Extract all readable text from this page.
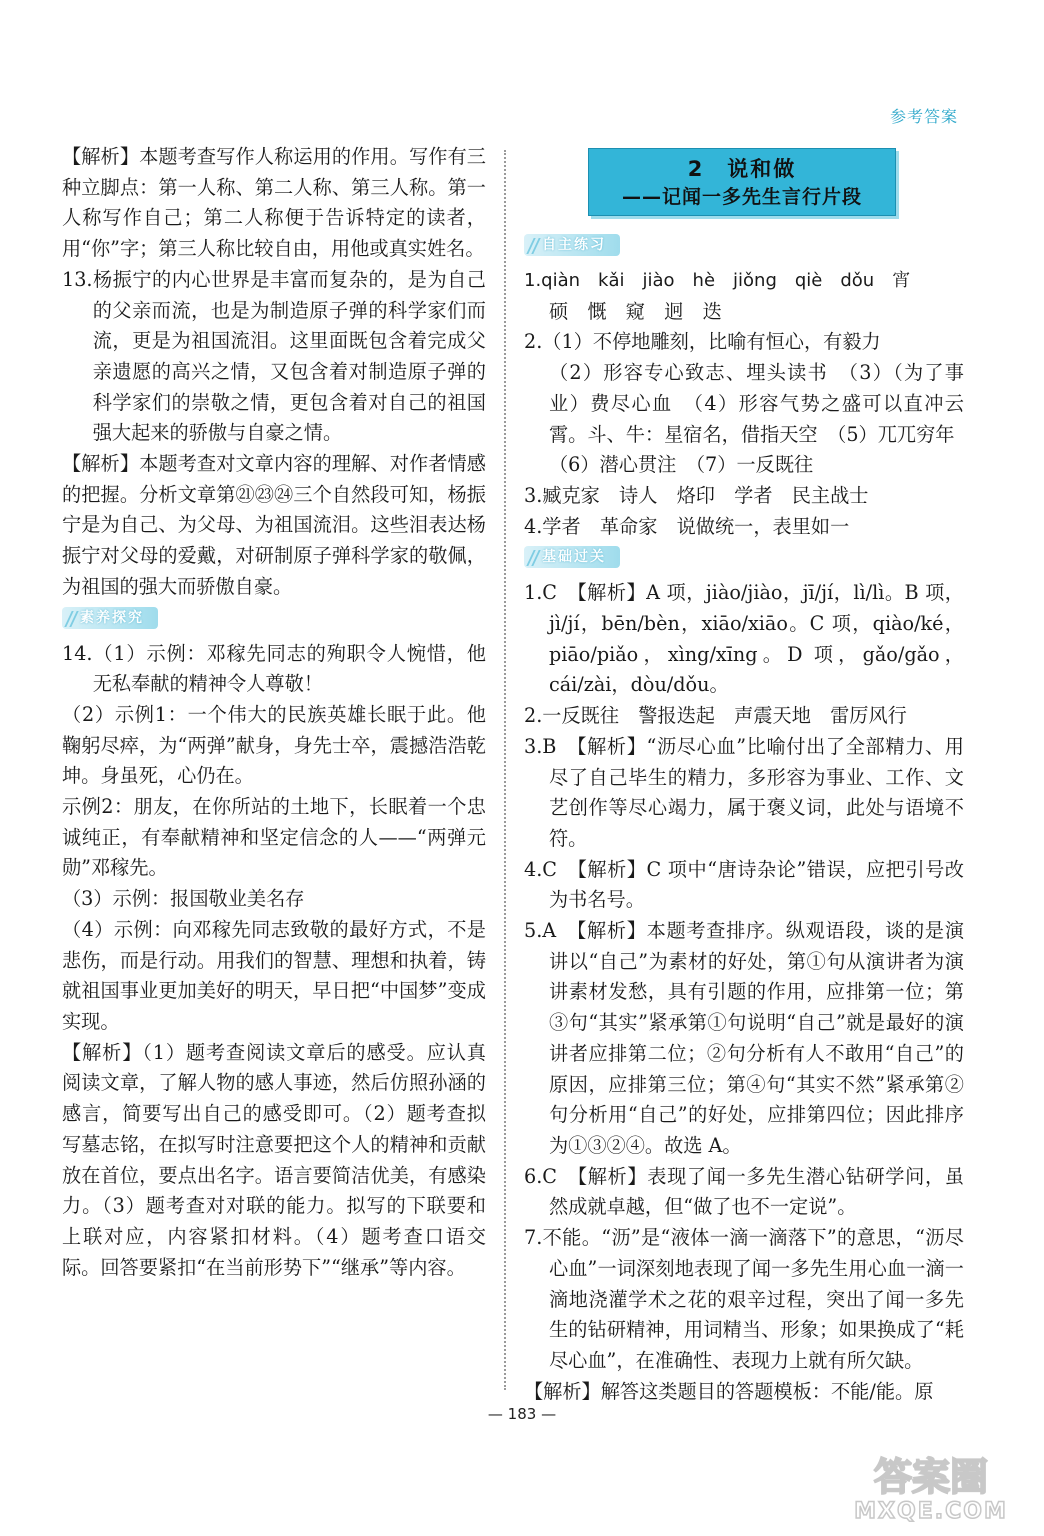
参考答案

【解析】本题考查写作人称运用的作用。写作有三种立脚点：第一人称、第二人称、第三人称。第一人称写作自己；第二人称便于告诉特定的读者，用“你”字；第三人称比较自由，用他或真实姓名。

13.杨振宁的内心世界是丰富而复杂的，是为自己的父亲而流，也是为制造原子弹的科学家们而流，更是为祖国流泪。这里面既包含着完成父亲遗愿的高兴之情，又包含着对制造原子弹的科学家们的崇敬之情，更包含着对自己的祖国强大起来的骄傲与自豪之情。

【解析】本题考查对文章内容的理解、对作者情感的把握。分析文章第㉑㉓㉔三个自然段可知，杨振宁是为自己、为父母、为祖国流泪。这些泪表达杨振宁对父母的爱戴，对研制原子弹科学家的敬佩，为祖国的强大而骄傲自豪。

素养探究

14.（1）示例：邓稼先同志的殉职令人惋惜，他无私奉献的精神令人尊敬！

（2）示例1：一个伟大的民族英雄长眠于此。他鞠躬尽瘁，为“两弹”献身，身先士卒，震撼浩浩乾坤。身虽死，心仍在。

示例2：朋友，在你所站的土地下，长眠着一个忠诚纯正，有奉献精神和坚定信念的人——“两弹元勋”邓稼先。

（3）示例：报国敬业美名存

（4）示例：向邓稼先同志致敬的最好方式，不是悲伤，而是行动。用我们的智慧、理想和执着，铸就祖国事业更加美好的明天，早日把“中国梦”变成实现。

【解析】（1）题考查阅读文章后的感受。应认真阅读文章，了解人物的感人事迹，然后仿照孙涵的感言，简要写出自己的感受即可。（2）题考查拟写墓志铭，在拟写时注意要把这个人的精神和贡献放在首位，要点出名字。语言要简洁优美，有感染力。（3）题考查对对联的能力。拟写的下联要和上联对应，内容紧扣材料。（4）题考查口语交际。回答要紧扣“在当前形势下”“继承”等内容。

2　说和做
——记闻一多先生言行片段
自主练习

1.qiàn　kǎi　jiào　hè　jiǒng　qiè　dǒu　宵

硕　慨　窥　迥　迭

2.（1）不停地雕刻，比喻有恒心，有毅力

（2）形容专心致志、埋头读书　（3）（为了事业）费尽心血　（4）形容气势之盛可以直冲云霄。斗、牛：星宿名，借指天空　（5）兀兀穷年

（6）潜心贯注　（7）一反既往

3.臧克家　诗人　烙印　学者　民主战士

4.学者　革命家　说做统一，表里如一

基础过关

1.C　【解析】A 项，jiào/jiào，jī/jí，lì/lì。B 项，jì/jí，bēn/bèn，xiāo/xiāo。C 项，qiào/ké，piāo/piǎo，xìng/xīng。D 项，gǎo/gǎo，cái/zài，dòu/dǒu。

2.一反既往　警报迭起　声震天地　雷厉风行

3.B　【解析】“沥尽心血”比喻付出了全部精力、用尽了自己毕生的精力，多形容为事业、工作、文艺创作等尽心竭力，属于褒义词，此处与语境不符。

4.C　【解析】C 项中“唐诗杂论”错误，应把引号改为书名号。

5.A　【解析】本题考查排序。纵观语段，谈的是演讲以“自己”为素材的好处，第①句从演讲者为演讲素材发愁，具有引题的作用，应排第一位；第③句“其实”紧承第①句说明“自己”就是最好的演讲者应排第二位；②句分析有人不敢用“自己”的原因，应排第三位；第④句“其实不然”紧承第②句分析用“自己”的好处，应排第四位；因此排序为①③②④。故选 A。

6.C　【解析】表现了闻一多先生潜心钻研学问，虽然成就卓越，但“做了也不一定说”。

7.不能。“沥”是“液体一滴一滴落下”的意思，“沥尽心血”一词深刻地表现了闻一多先生用心血一滴一滴地浇灌学术之花的艰辛过程，突出了闻一多先生的钻研精神，用词精当、形象；如果换成了“耗尽心血”，在准确性、表现力上就有所欠缺。

【解析】解答这类题目的答题模板：不能/能。原

— 183 —
答案圈
MXQE.COM
